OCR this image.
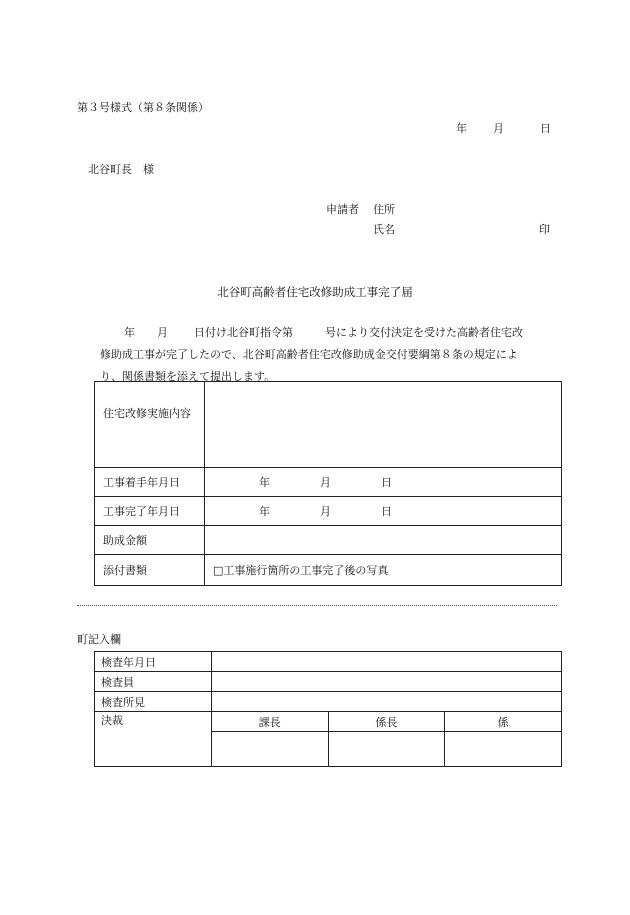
第３号様式（第８条関係）
年 月	日
北谷町長　様
申請者 住所
氏名	印
北谷町高齢者住宅改修助成工事完了届
年 月 日付け北谷町指令第	号により交付決定を受けた高齢者住宅改
修助成工事が完了したので、北谷町高齢者住宅改修助成金交付要綱第８条の規定によ
り、関係書類を添えて提出します。
住宅改修実施内容	
工事着手年月日	年 月 日
工事完了年月日	年 月 日
助成金額	
添付書類	□工事施行箇所の工事完了後の写真
町記入欄
検査年月日			
検査員			
検査所見			
決裁	課長	係長	係
